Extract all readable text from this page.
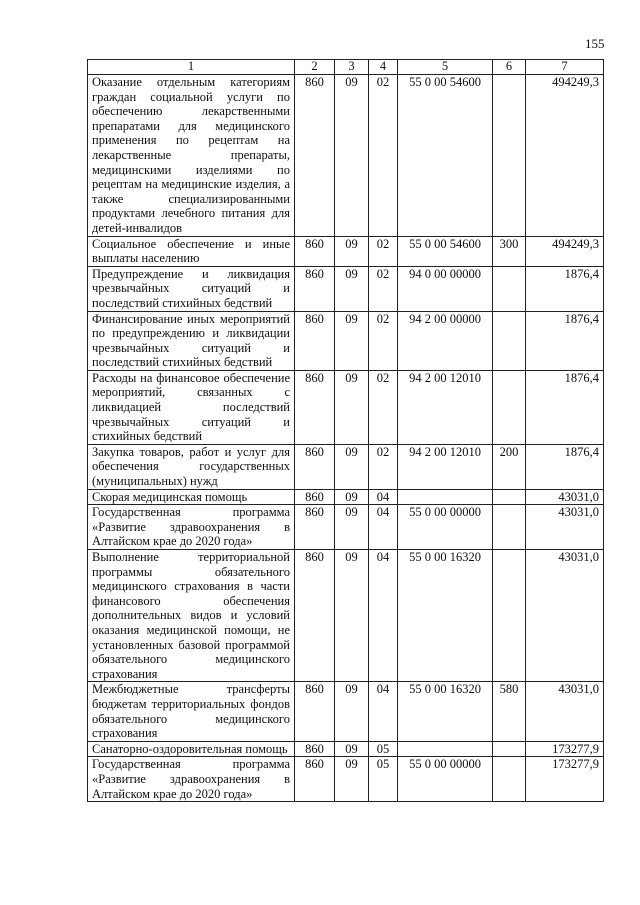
155
1	2	3	4	5	6	7
Оказание отдельным категориям граждан социальной услуги по обеспечению лекарственными препаратами для медицинского применения по рецептам на лекарственные препараты, медицинскими изделиями по рецептам на медицинские изделия, а также специализированными продуктами лечебного питания для детей-инвалидов	860	09	02	55 0 00 54600		494249,3
Социальное обеспечение и иные выплаты населению	860	09	02	55 0 00 54600	300	494249,3
Предупреждение и ликвидация чрезвычайных ситуаций и последствий стихийных бедствий	860	09	02	94 0 00 00000		1876,4
Финансирование иных мероприятий по предупреждению и ликвидации чрезвычайных ситуаций и последствий стихийных бедствий	860	09	02	94 2 00 00000		1876,4
Расходы на финансовое обеспечение мероприятий, связанных с ликвидацией последствий чрезвычайных ситуаций и стихийных бедствий	860	09	02	94 2 00 12010		1876,4
Закупка товаров, работ и услуг для обеспечения государственных (муниципальных) нужд	860	09	02	94 2 00 12010	200	1876,4
Скорая медицинская помощь	860	09	04			43031,0
Государственная программа «Развитие здравоохранения в Алтайском крае до 2020 года»	860	09	04	55 0 00 00000		43031,0
Выполнение территориальной программы обязательного медицинского страхования в части финансового обеспечения дополнительных видов и условий оказания медицинской помощи, не установленных базовой программой обязательного медицинского страхования	860	09	04	55 0 00 16320		43031,0
Межбюджетные трансферты бюджетам территориальных фондов обязательного медицинского страхования	860	09	04	55 0 00 16320	580	43031,0
Санаторно-оздоровительная помощь	860	09	05			173277,9
Государственная программа «Развитие здравоохранения в Алтайском крае до 2020 года»	860	09	05	55 0 00 00000		173277,9
